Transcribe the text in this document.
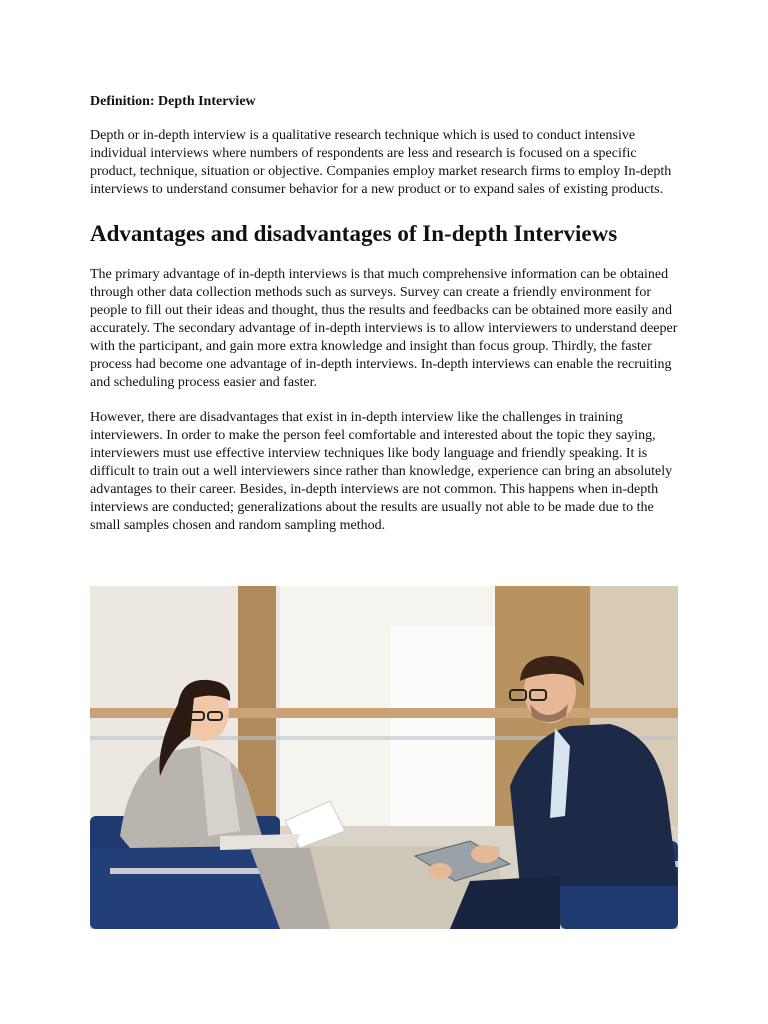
Definition: Depth Interview

Depth or in-depth interview is a qualitative research technique which is used to conduct intensive individual interviews where numbers of respondents are less and research is focused on a specific product, technique, situation or objective. Companies employ market research firms to employ In-depth interviews to understand consumer behavior for a new product or to expand sales of existing products.

Advantages and disadvantages of In-depth Interviews

The primary advantage of in-depth interviews is that much comprehensive information can be obtained through other data collection methods such as surveys. Survey can create a friendly environment for people to fill out their ideas and thought, thus the results and feedbacks can be obtained more easily and accurately. The secondary advantage of in-depth interviews is to allow interviewers to understand deeper with the participant, and gain more extra knowledge and insight than focus group. Thirdly, the faster process had become one advantage of in-depth interviews. In-depth interviews can enable the recruiting and scheduling process easier and faster.

However, there are disadvantages that exist in in-depth interview like the challenges in training interviewers. In order to make the person feel comfortable and interested about the topic they saying, interviewers must use effective interview techniques like body language and friendly speaking. It is difficult to train out a well interviewers since rather than knowledge, experience can bring an absolutely advantages to their career. Besides, in-depth interviews are not common. This happens when in-depth interviews are conducted; generalizations about the results are usually not able to be made due to the small samples chosen and random sampling method.
